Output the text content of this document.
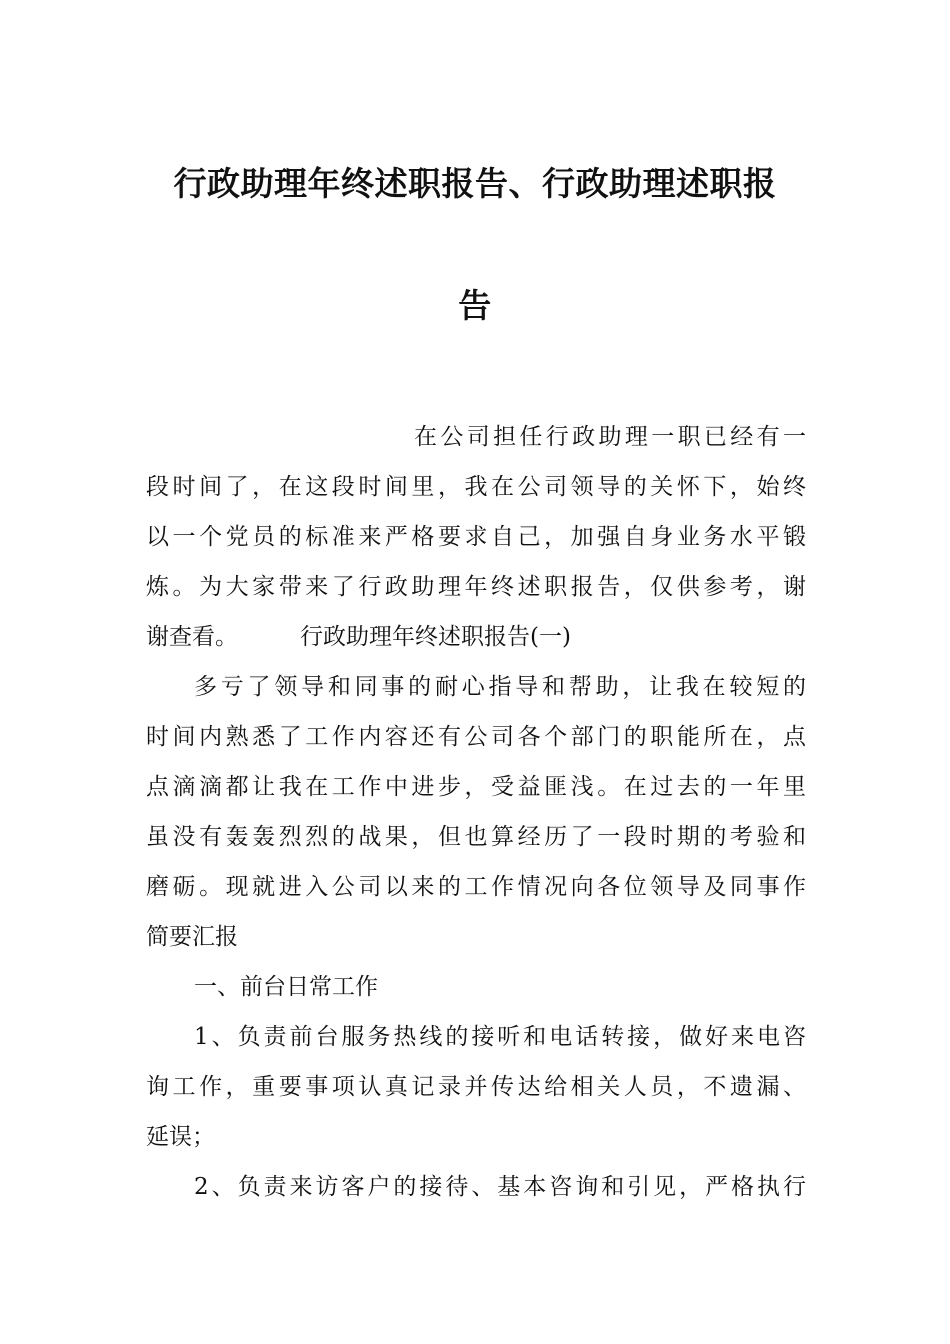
行政助理年终述职报告、行政助理述职报
告
在公司担任行政助理一职已经有一
段时间了，在这段时间里，我在公司领导的关怀下，始终
以一个党员的标准来严格要求自己，加强自身业务水平锻
炼。为大家带来了行政助理年终述职报告，仅供参考，谢
谢查看。	行政助理年终述职报告(一)
多亏了领导和同事的耐心指导和帮助，让我在较短的
时间内熟悉了工作内容还有公司各个部门的职能所在，点
点滴滴都让我在工作中进步，受益匪浅。在过去的一年里
虽没有轰轰烈烈的战果，但也算经历了一段时期的考验和
磨砺。现就进入公司以来的工作情况向各位领导及同事作
简要汇报
一、前台日常工作
1、负责前台服务热线的接听和电话转接，做好来电咨
询工作，重要事项认真记录并传达给相关人员，不遗漏、
延误；
2、负责来访客户的接待、基本咨询和引见，严格执行
